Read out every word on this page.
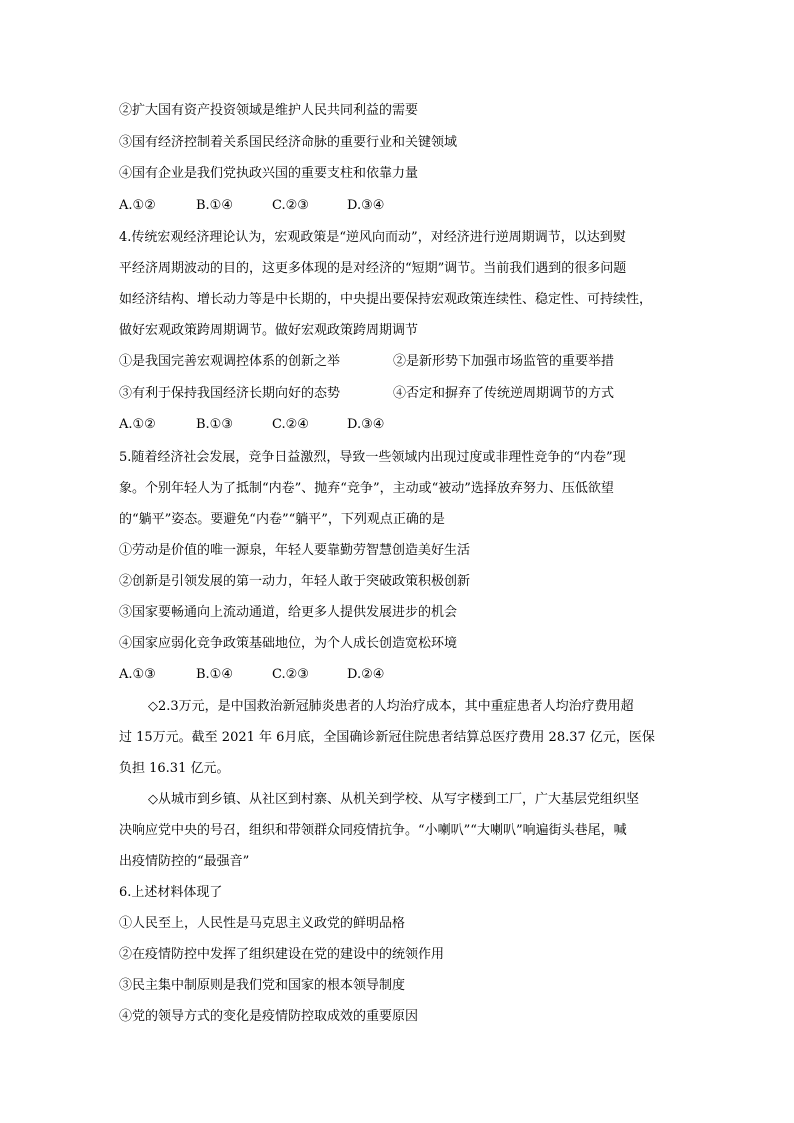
②扩大国有资产投资领域是维护人民共同利益的需要
③国有经济控制着关系国民经济命脉的重要行业和关键领域
④国有企业是我们党执政兴国的重要支柱和依靠力量
A.①②	B.①④	C.②③	D.③④
4.传统宏观经济理论认为，宏观政策是“逆风向而动”，对经济进行逆周期调节，以达到熨
平经济周期波动的目的，这更多体现的是对经济的“短期”调节。当前我们遇到的很多问题
如经济结构、增长动力等是中长期的，中央提出要保持宏观政策连续性、稳定性、可持续性，
做好宏观政策跨周期调节。做好宏观政策跨周期调节
①是我国完善宏观调控体系的创新之举	②是新形势下加强市场监管的重要举措
③有利于保持我国经济长期向好的态势	④否定和摒弃了传统逆周期调节的方式
A.①②	B.①③	C.②④	D.③④
5.随着经济社会发展，竞争日益激烈，导致一些领域内出现过度或非理性竞争的“内卷”现
象。个别年轻人为了抵制“内卷”、抛弃“竞争”，主动或“被动”选择放弃努力、压低欲望
的“躺平”姿态。要避免“内卷”“躺平”，下列观点正确的是
①劳动是价值的唯一源泉，年轻人要靠勤劳智慧创造美好生活
②创新是引领发展的第一动力，年轻人敢于突破政策积极创新
③国家要畅通向上流动通道，给更多人提供发展进步的机会
④国家应弱化竞争政策基础地位，为个人成长创造宽松环境
A.①③	B.①④	C.②③	D.②④
◇2.3万元，是中国救治新冠肺炎患者的人均治疗成本，其中重症患者人均治疗费用超
过 15万元。截至 2021 年 6月底，全国确诊新冠住院患者结算总医疗费用 28.37 亿元，医保
负担 16.31 亿元。
◇从城市到乡镇、从社区到村寨、从机关到学校、从写字楼到工厂，广大基层党组织坚
决响应党中央的号召，组织和带领群众同疫情抗争。“小喇叭”“大喇叭”响遍街头巷尾，喊
出疫情防控的“最强音”
6.上述材料体现了
①人民至上，人民性是马克思主义政党的鲜明品格
②在疫情防控中发挥了组织建设在党的建设中的统领作用
③民主集中制原则是我们党和国家的根本领导制度
④党的领导方式的变化是疫情防控取成效的重要原因
